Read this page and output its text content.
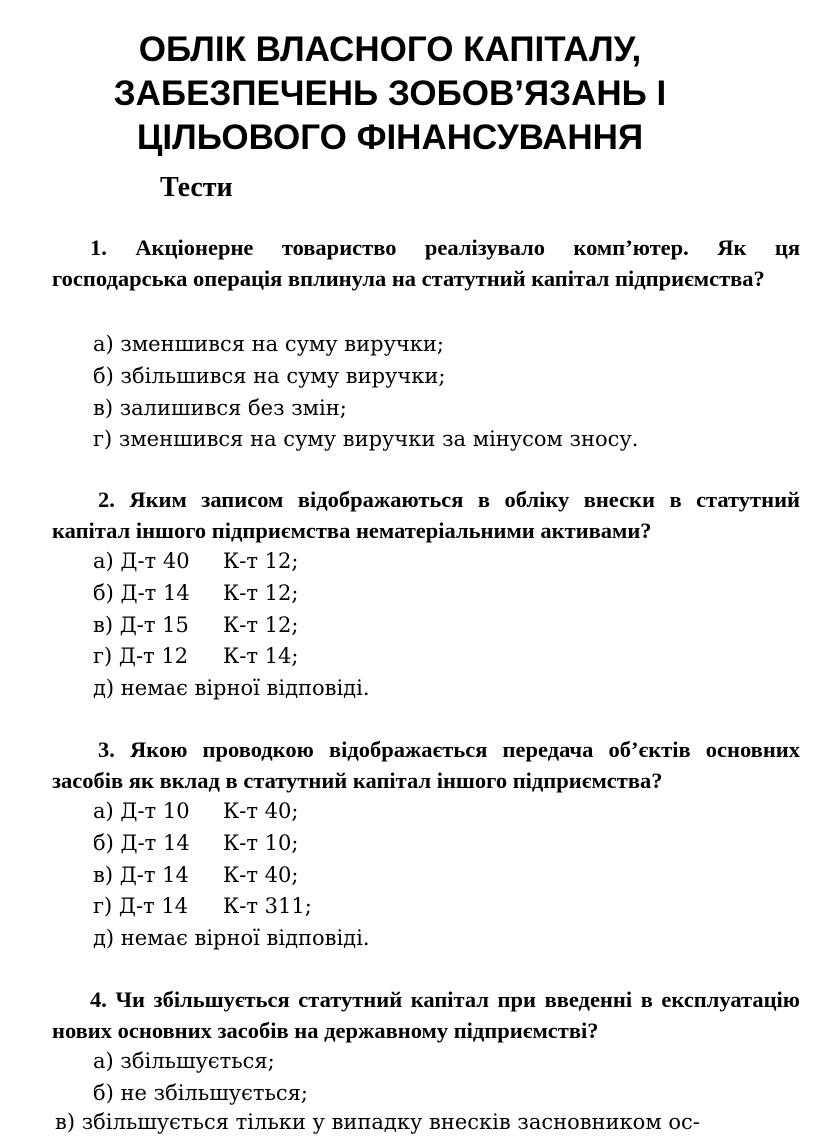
ОБЛІК ВЛАСНОГО КАПІТАЛУ,
ЗАБЕЗПЕЧЕНЬ ЗОБОВ’ЯЗАНЬ І
ЦІЛЬОВОГО ФІНАНСУВАННЯ
Тести

1. Акціонерне товариство реалізувало комп’ютер. Як ця господарська операція вплинула на статутний капітал підприємства?

а) зменшився на суму виручки;

б) збільшився на суму виручки;

в) залишився без змін;

г) зменшився на суму виручки за мінусом зносу.

2. Яким записом відображаються в обліку внески в статутний капітал іншого підприємства нематеріальними активами?

а) Д-т 40 К-т 12;

б) Д-т 14 К-т 12;

в) Д-т 15 К-т 12;

г) Д-т 12 К-т 14;

д) немає вірної відповіді.

3. Якою проводкою відображається передача об’єктів основних засобів як вклад в статутний капітал іншого підприємства?

а) Д-т 10 К-т 40;

б) Д-т 14 К-т 10;

в) Д-т 14 К-т 40;

г) Д-т 14 К-т 311;

д) немає вірної відповіді.

4. Чи збільшується статутний капітал при введенні в експлуатацію нових основних засобів на державному підприємстві?

а) збільшується;

б) не збільшується;

в) збільшується тільки у випадку внесків засновником ос-
